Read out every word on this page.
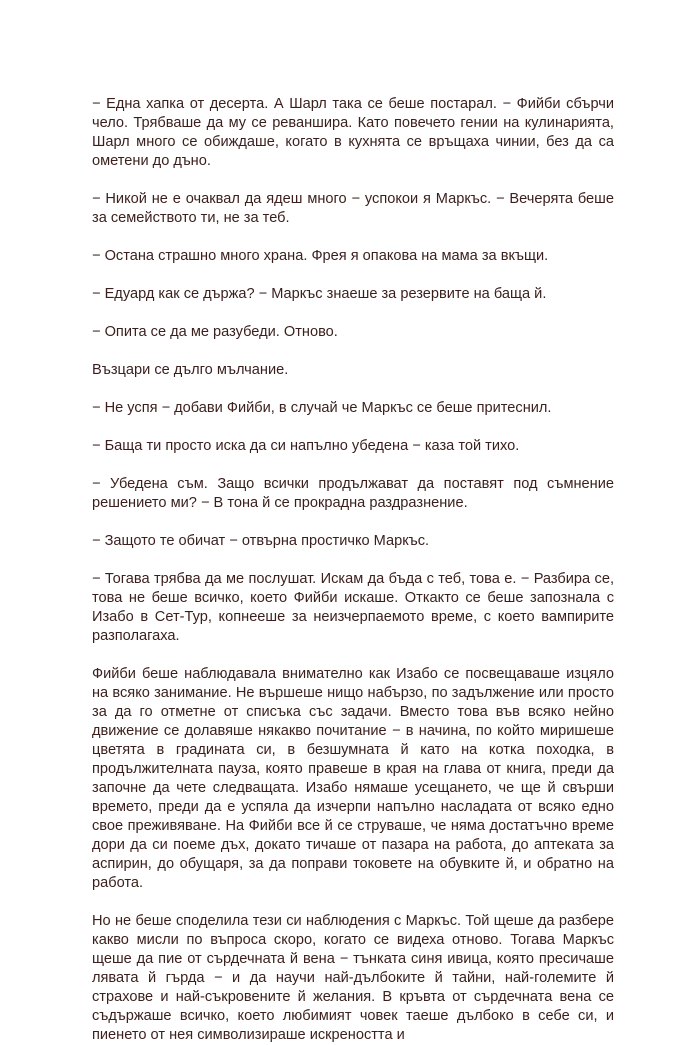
− Една хапка от десерта. А Шарл така се беше постарал. − Фийби сбърчи чело. Трябваше да му се реваншира. Като повечето гении на кулинарията, Шарл много се обиждаше, когато в кухнята се връщаха чинии, без да са ометени до дъно.

− Никой не е очаквал да ядеш много − успокои я Маркъс. − Вечерята беше за семейството ти, не за теб.

− Остана страшно много храна. Фрея я опакова на мама за вкъщи.

− Едуард как се държа? − Маркъс знаеше за резервите на баща й.

− Опита се да ме разубеди. Отново.

Възцари се дълго мълчание.

− Не успя − добави Фийби, в случай че Маркъс се беше притеснил.

− Баща ти просто иска да си напълно убедена − каза той тихо.

− Убедена съм. Защо всички продължават да поставят под съмнение решението ми? − В тона й се прокрадна раздразнение.

− Защото те обичат − отвърна простичко Маркъс.

− Тогава трябва да ме послушат. Искам да бъда с теб, това е. − Разбира се, това не беше всичко, което Фийби искаше. Откакто се беше запознала с Изабо в Сет-Тур, копнееше за неизчерпаемото време, с което вампирите разполагаха.

Фийби беше наблюдавала внимателно как Изабо се посвещаваше изцяло на всяко занимание. Не вършеше нищо набързо, по задължение или просто за да го отметне от списъка със задачи. Вместо това във всяко нейно движение се долавяше някакво почитание − в начина, по който миришеше цветята в градината си, в безшумната й като на котка походка, в продължителната пауза, която правеше в края на глава от книга, преди да започне да чете следващата. Изабо нямаше усещането, че ще й свърши времето, преди да е успяла да изчерпи напълно насладата от всяко едно свое преживяване. На Фийби все й се струваше, че няма достатъчно време дори да си поеме дъх, докато тичаше от пазара на работа, до аптеката за аспирин, до обущаря, за да поправи токовете на обувките й, и обратно на работа.

Но не беше споделила тези си наблюдения с Маркъс. Той щеше да разбере какво мисли по въпроса скоро, когато се видеха отново. Тогава Маркъс щеше да пие от сърдечната й вена − тънката синя ивица, която пресичаше лявата й гърда − и да научи най-дълбоките й тайни, най-големите й страхове и най-съкровените й желания. В кръвта от сърдечната вена се съдържаше всичко, което любимият човек таеше дълбоко в себе си, и пиенето от нея символизираше искреността и
